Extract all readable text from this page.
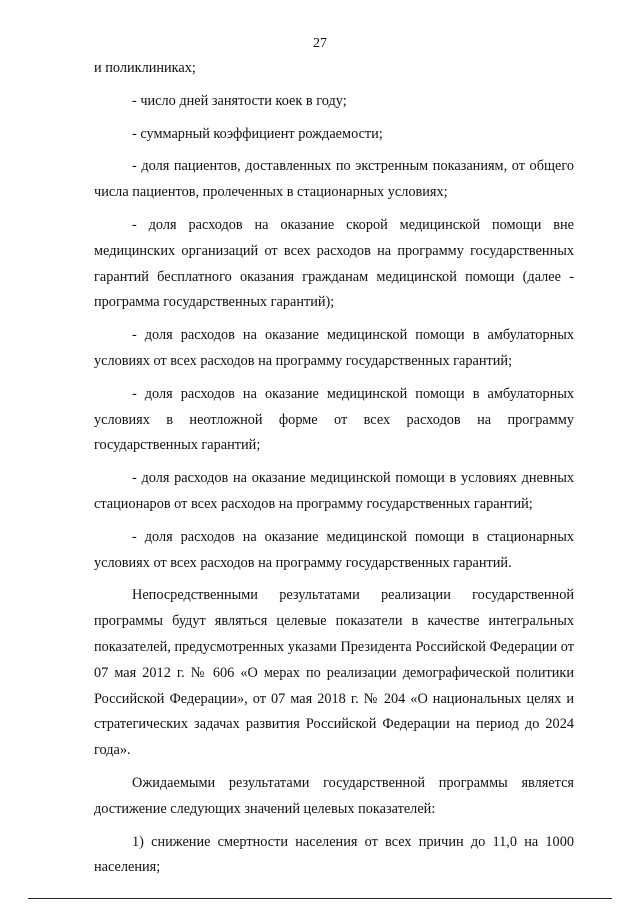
27

и поликлиниках;

- число дней занятости коек в году;

- суммарный коэффициент рождаемости;

- доля пациентов, доставленных по экстренным показаниям, от общего числа пациентов, пролеченных в стационарных условиях;

- доля расходов на оказание скорой медицинской помощи вне медицинских организаций от всех расходов на программу государственных гарантий бесплатного оказания гражданам медицинской помощи (далее - программа государственных гарантий);

- доля расходов на оказание медицинской помощи в амбулаторных условиях от всех расходов на программу государственных гарантий;

- доля расходов на оказание медицинской помощи в амбулаторных условиях в неотложной форме от всех расходов на программу государственных гарантий;

- доля расходов на оказание медицинской помощи в условиях дневных стационаров от всех расходов на программу государственных гарантий;

- доля расходов на оказание медицинской помощи в стационарных условиях от всех расходов на программу государственных гарантий.

Непосредственными результатами реализации государственной программы будут являться целевые показатели в качестве интегральных показателей, предусмотренных указами Президента Российской Федерации от 07 мая 2012 г. № 606 «О мерах по реализации демографической политики Российской Федерации», от 07 мая 2018 г. № 204 «О национальных целях и стратегических задачах развития Российской Федерации на период до 2024 года».

Ожидаемыми результатами государственной программы является достижение следующих значений целевых показателей:

1) снижение смертности населения от всех причин до 11,0 на 1000 населения;
